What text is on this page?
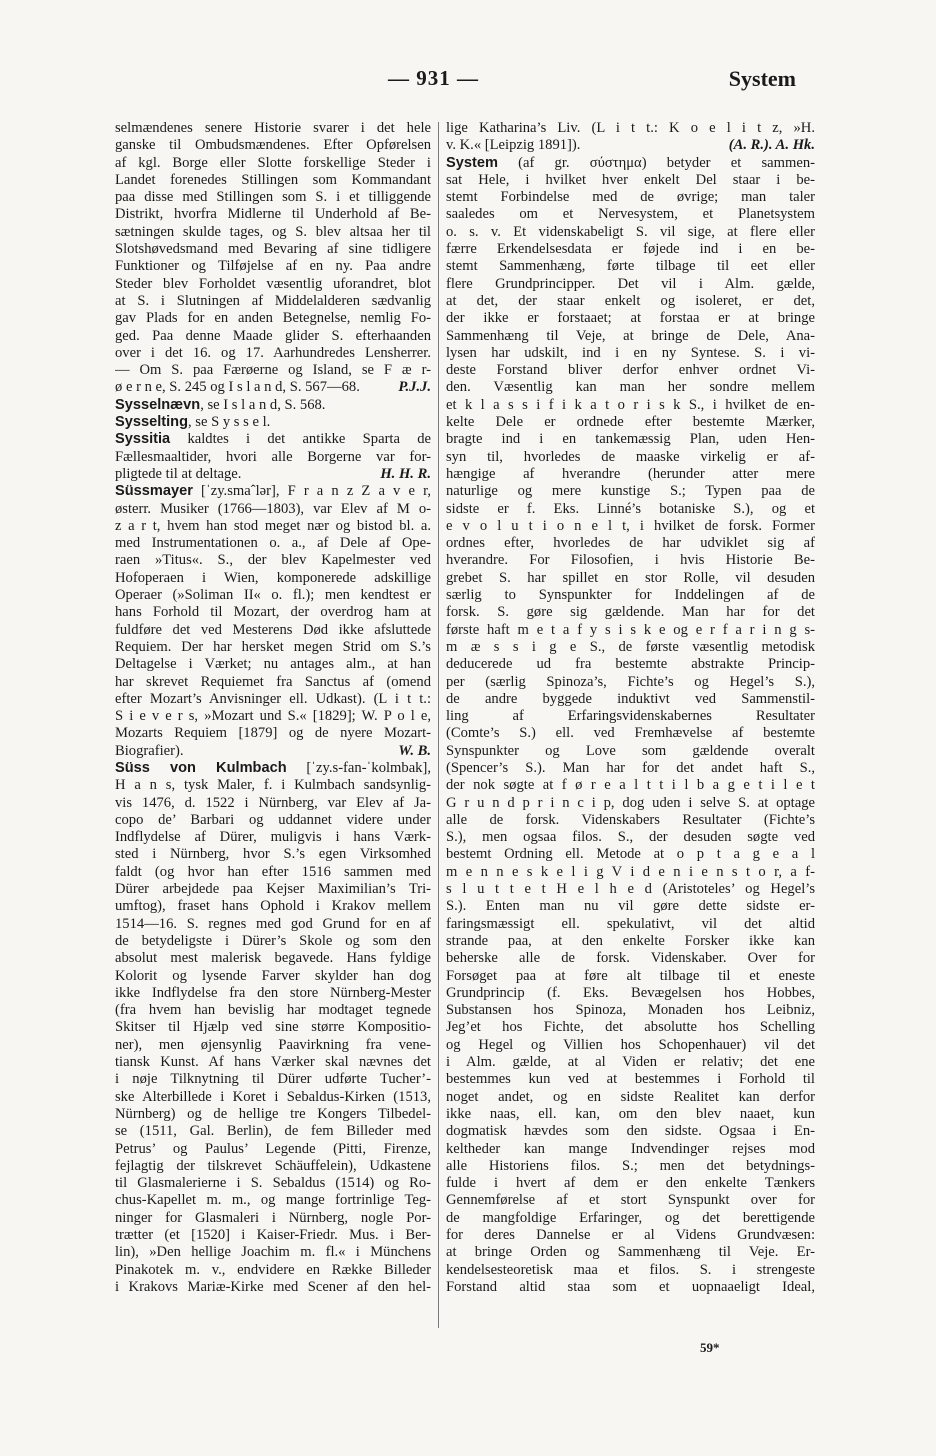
— 931 —	System
selmændenes senere Historie svarer i det hele
ganske til Ombudsmændenes. Efter Opførelsen
af kgl. Borge eller Slotte forskellige Steder i
Landet forenedes Stillingen som Kommandant
paa disse med Stillingen som S. i et tilliggende
Distrikt, hvorfra Midlerne til Underhold af Be-
sætningen skulde tages, og S. blev altsaa her til
Slotshøvedsmand med Bevaring af sine tidligere
Funktioner og Tilføjelse af en ny. Paa andre
Steder blev Forholdet væsentlig uforandret, blot
at S. i Slutningen af Middelalderen sædvanlig
gav Plads for en anden Betegnelse, nemlig Fo-
ged. Paa denne Maade glider S. efterhaanden
over i det 16. og 17. Aarhundredes Lensherrer.
— Om S. paa Færøerne og Island, se F æ r-
ø e r n e, S. 245 og I s l a n d, S. 567—68.	P.J.J.
Sysselnævn, se I s l a n d, S. 568.
Sysselting, se S y s s e l.
Syssitia kaldtes i det antikke Sparta de
Fællesmaaltider, hvori alle Borgerne var for-
pligtede til at deltage.	H. H. R.
Süssmayer [ˈzy.smaˆlər], F r a n z Z a v e r,
østerr. Musiker (1766—1803), var Elev af M o-
z a r t, hvem han stod meget nær og bistod bl. a.
med Instrumentationen o. a., af Dele af Ope-
raen »Titus«. S., der blev Kapelmester ved
Hofoperaen i Wien, komponerede adskillige
Operaer (»Soliman II« o. fl.); men kendtest er
hans Forhold til Mozart, der overdrog ham at
fuldføre det ved Mesterens Død ikke afsluttede
Requiem. Der har hersket megen Strid om S.’s
Deltagelse i Værket; nu antages alm., at han
har skrevet Requiemet fra Sanctus af (omend
efter Mozart’s Anvisninger ell. Udkast). (L i t t.:
S i e v e r s, »Mozart und S.« [1829]; W. P o l e,
Mozarts Requiem [1879] og de nyere Mozart-
Biografier).	W. B.
Süss von Kulmbach [ˈzy.s-fan-ˈkolmbak],
H a n s, tysk Maler, f. i Kulmbach sandsynlig-
vis 1476, d. 1522 i Nürnberg, var Elev af Ja-
copo de’ Barbari og uddannet videre under
Indflydelse af Dürer, muligvis i hans Værk-
sted i Nürnberg, hvor S.’s egen Virksomhed
faldt (og hvor han efter 1516 sammen med
Dürer arbejdede paa Kejser Maximilian’s Tri-
umftog), fraset hans Ophold i Krakov mellem
1514—16. S. regnes med god Grund for en af
de betydeligste i Dürer’s Skole og som den
absolut mest malerisk begavede. Hans fyldige
Kolorit og lysende Farver skylder han dog
ikke Indflydelse fra den store Nürnberg-Mester
(fra hvem han bevislig har modtaget tegnede
Skitser til Hjælp ved sine større Kompositio-
ner), men øjensynlig Paavirkning fra vene-
tiansk Kunst. Af hans Værker skal nævnes det
i nøje Tilknytning til Dürer udførte Tucher’-
ske Alterbillede i Koret i Sebaldus-Kirken (1513,
Nürnberg) og de hellige tre Kongers Tilbedel-
se (1511, Gal. Berlin), de fem Billeder med
Petrus’ og Paulus’ Legende (Pitti, Firenze,
fejlagtig der tilskrevet Schäuffelein), Udkastene
til Glasmalerierne i S. Sebaldus (1514) og Ro-
chus-Kapellet m. m., og mange fortrinlige Teg-
ninger for Glasmaleri i Nürnberg, nogle Por-
trætter (et [1520] i Kaiser-Friedr. Mus. i Ber-
lin), »Den hellige Joachim m. fl.« i Münchens
Pinakotek m. v., endvidere en Række Billeder
i Krakovs Mariæ-Kirke med Scener af den hel-
lige Katharina’s Liv. (L i t t.: K o e l i t z, »H.
v. K.« [Leipzig 1891]).	(A. R.). A. Hk.
System (af gr. σύστημα) betyder et sammen-
sat Hele, i hvilket hver enkelt Del staar i be-
stemt Forbindelse med de øvrige; man taler
saaledes om et Nervesystem, et Planetsystem
o. s. v. Et videnskabeligt S. vil sige, at flere eller
færre Erkendelsesdata er føjede ind i en be-
stemt Sammenhæng, førte tilbage til eet eller
flere Grundprincipper. Det vil i Alm. gælde,
at det, der staar enkelt og isoleret, er det,
der ikke er forstaaet; at forstaa er at bringe
Sammenhæng til Veje, at bringe de Dele, Ana-
lysen har udskilt, ind i en ny Syntese. S. i vi-
deste Forstand bliver derfor enhver ordnet Vi-
den. Væsentlig kan man her sondre mellem
et k l a s s i f i k a t o r i s k S., i hvilket de en-
kelte Dele er ordnede efter bestemte Mærker,
bragte ind i en tankemæssig Plan, uden Hen-
syn til, hvorledes de maaske virkelig er af-
hængige af hverandre (herunder atter mere
naturlige og mere kunstige S.; Typen paa de
sidste er f. Eks. Linné’s botaniske S.), og et
e v o l u t i o n e l t, i hvilket de forsk. Former
ordnes efter, hvorledes de har udviklet sig af
hverandre. For Filosofien, i hvis Historie Be-
grebet S. har spillet en stor Rolle, vil desuden
særlig to Synspunkter for Inddelingen af de
forsk. S. gøre sig gældende. Man har for det
første haft m e t a f y s i s k e og e r f a r i n g s-
m æ s s i g e S., de første væsentlig metodisk
deducerede ud fra bestemte abstrakte Princip-
per (særlig Spinoza’s, Fichte’s og Hegel’s S.),
de andre byggede induktivt ved Sammenstil-
ling af Erfaringsvidenskabernes Resultater
(Comte’s S.) ell. ved Fremhævelse af bestemte
Synspunkter og Love som gældende overalt
(Spencer’s S.). Man har for det andet haft S.,
der nok søgte at f ø r e a l t t i l b a g e t i l e t
G r u n d p r i n c i p, dog uden i selve S. at optage
alle de forsk. Videnskabers Resultater (Fichte’s
S.), men ogsaa filos. S., der desuden søgte ved
bestemt Ordning ell. Metode at o p t a g e a l
m e n n e s k e l i g V i d e n i e n s t o r, a f-
s l u t t e t H e l h e d (Aristoteles’ og Hegel’s
S.). Enten man nu vil gøre dette sidste er-
faringsmæssigt ell. spekulativt, vil det altid
strande paa, at den enkelte Forsker ikke kan
beherske alle de forsk. Videnskaber. Over for
Forsøget paa at føre alt tilbage til et eneste
Grundprincip (f. Eks. Bevægelsen hos Hobbes,
Substansen hos Spinoza, Monaden hos Leibniz,
Jeg’et hos Fichte, det absolutte hos Schelling
og Hegel og Villien hos Schopenhauer) vil det
i Alm. gælde, at al Viden er relativ; det ene
bestemmes kun ved at bestemmes i Forhold til
noget andet, og en sidste Realitet kan derfor
ikke naas, ell. kan, om den blev naaet, kun
dogmatisk hævdes som den sidste. Ogsaa i En-
keltheder kan mange Indvendinger rejses mod
alle Historiens filos. S.; men det betydnings-
fulde i hvert af dem er den enkelte Tænkers
Gennemførelse af et stort Synspunkt over for
de mangfoldige Erfaringer, og det berettigende
for deres Dannelse er al Videns Grundvæsen:
at bringe Orden og Sammenhæng til Veje. Er-
kendelsesteoretisk maa et filos. S. i strengeste
Forstand altid staa som et uopnaaeligt Ideal,
59*
